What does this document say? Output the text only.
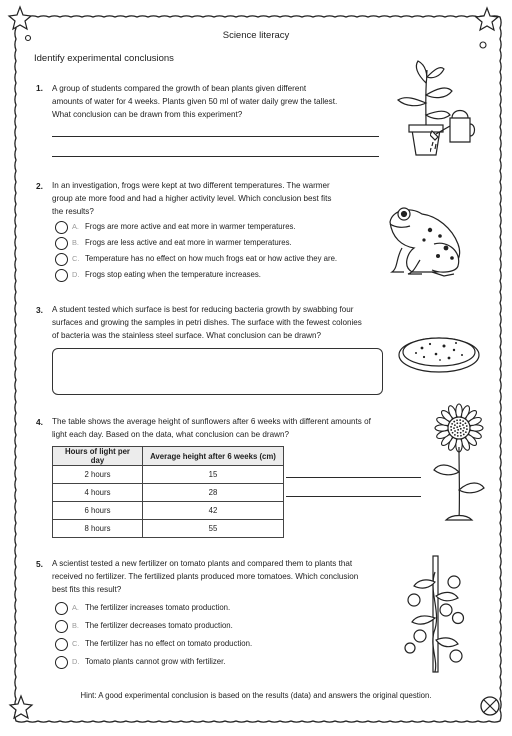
Science literacy
Identify experimental conclusions
1. A group of students compared the growth of bean plants given different
amounts of water for 4 weeks. Plants given 50 ml of water daily grew the tallest.
What conclusion can be drawn from this experiment?
2. In an investigation, frogs were kept at two different temperatures. The warmer
group ate more food and had a higher activity level. Which conclusion best fits
the results?
A. Frogs are more active and eat more in warmer temperatures.
B. Frogs are less active and eat more in warmer temperatures.
C. Temperature has no effect on how much frogs eat or how active they are.
D. Frogs stop eating when the temperature increases.
3. A student tested which surface is best for reducing bacteria growth by swabbing four
surfaces and growing the samples in petri dishes. The surface with the fewest colonies
of bacteria was the stainless steel surface. What conclusion can be drawn?
4. The table shows the average height of sunflowers after 6 weeks with different amounts of
light each day. Based on the data, what conclusion can be drawn?
Hours of light per day	Average height after 6 weeks (cm)
2 hours	15
4 hours	28
6 hours	42
8 hours	55
5. A scientist tested a new fertilizer on tomato plants and compared them to plants that
received no fertilizer. The fertilized plants produced more tomatoes. Which conclusion
best fits this result?
A. The fertilizer increases tomato production.
B. The fertilizer decreases tomato production.
C. The fertilizer has no effect on tomato production.
D. Tomato plants cannot grow with fertilizer.
Hint: A good experimental conclusion is based on the results (data) and answers the original question.
